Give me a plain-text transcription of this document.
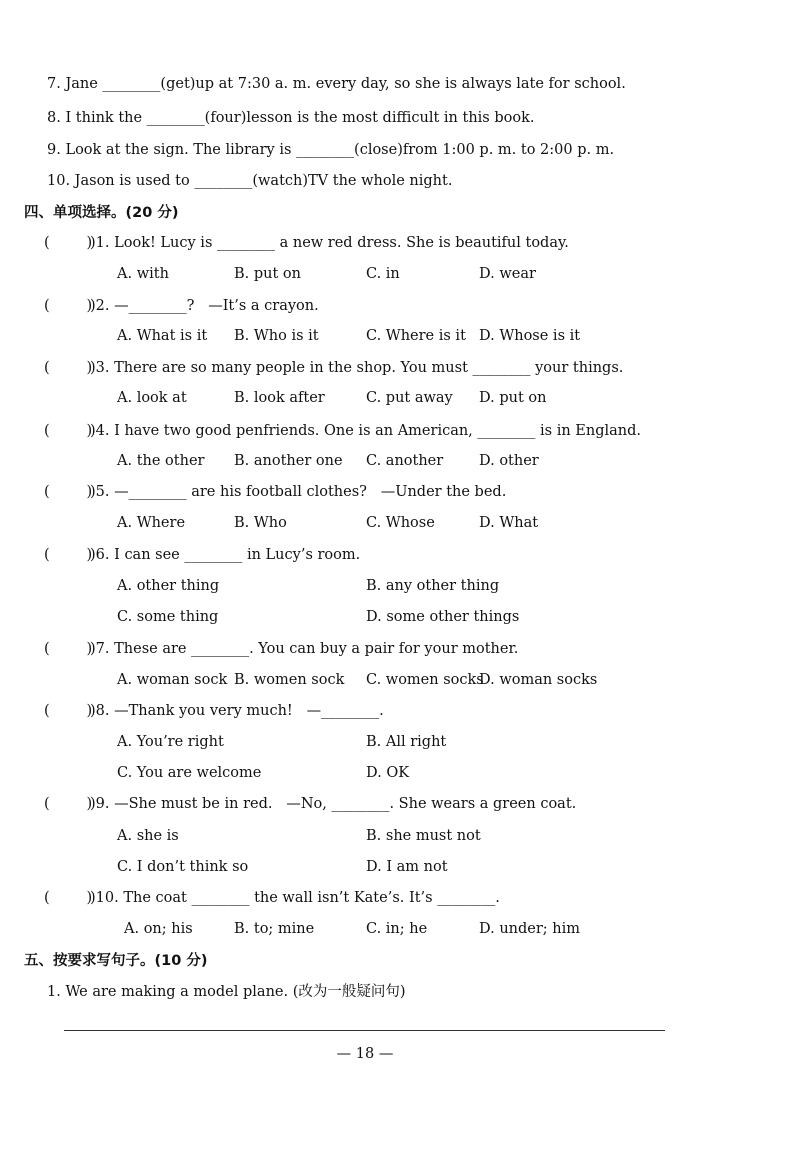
7. Jane ________(get)up at 7:30 a. m. every day, so she is always late for school.
8. I think the ________(four)lesson is the most difficult in this book.
9. Look at the sign. The library is ________(close)from 1:00 p. m. to 2:00 p. m.
10. Jason is used to ________(watch)TV the whole night.
四、单项选择。(20 分)
(        )
)1. Look! Lucy is ________ a new red dress. She is beautiful today.
A. with	B. put on	C. in	D. wear
(        )
)2. —________?   —It’s a crayon.
A. What is it B. Who is it	C. Where is it D. Whose is it
(        )
)3. There are so many people in the shop. You must ________ your things.
A. look at	B. look after	C. put away D. put on
(        )
)4. I have two good penfriends. One is an American, ________ is in England.
A. the other B. another one C. another D. other
(        )
)5. —________ are his football clothes?   —Under the bed.
A. Where	B. Who	C. Whose	D. What
(        )
)6. I can see ________ in Lucy’s room.
A. other thing	B. any other thing
C. some thing	D. some other things
(        )
)7. These are ________. You can buy a pair for your mother.
A. woman sock B. women sock C. women socks
D. woman socks
(        )
)8. —Thank you very much!   —________.
A. You’re right	B. All right
C. You are welcome	D. OK
(        )
)9. —She must be in red.   —No, ________. She wears a green coat.
A. she is	B. she must not
C. I don’t think so	D. I am not
(        )
)10. The coat ________ the wall isn’t Kate’s. It’s ________.
A. on; his	B. to; mine	C. in; he	D. under; him
五、按要求写句子。(10 分)
1. We are making a model plane. (改为一般疑问句)
— 18 —
